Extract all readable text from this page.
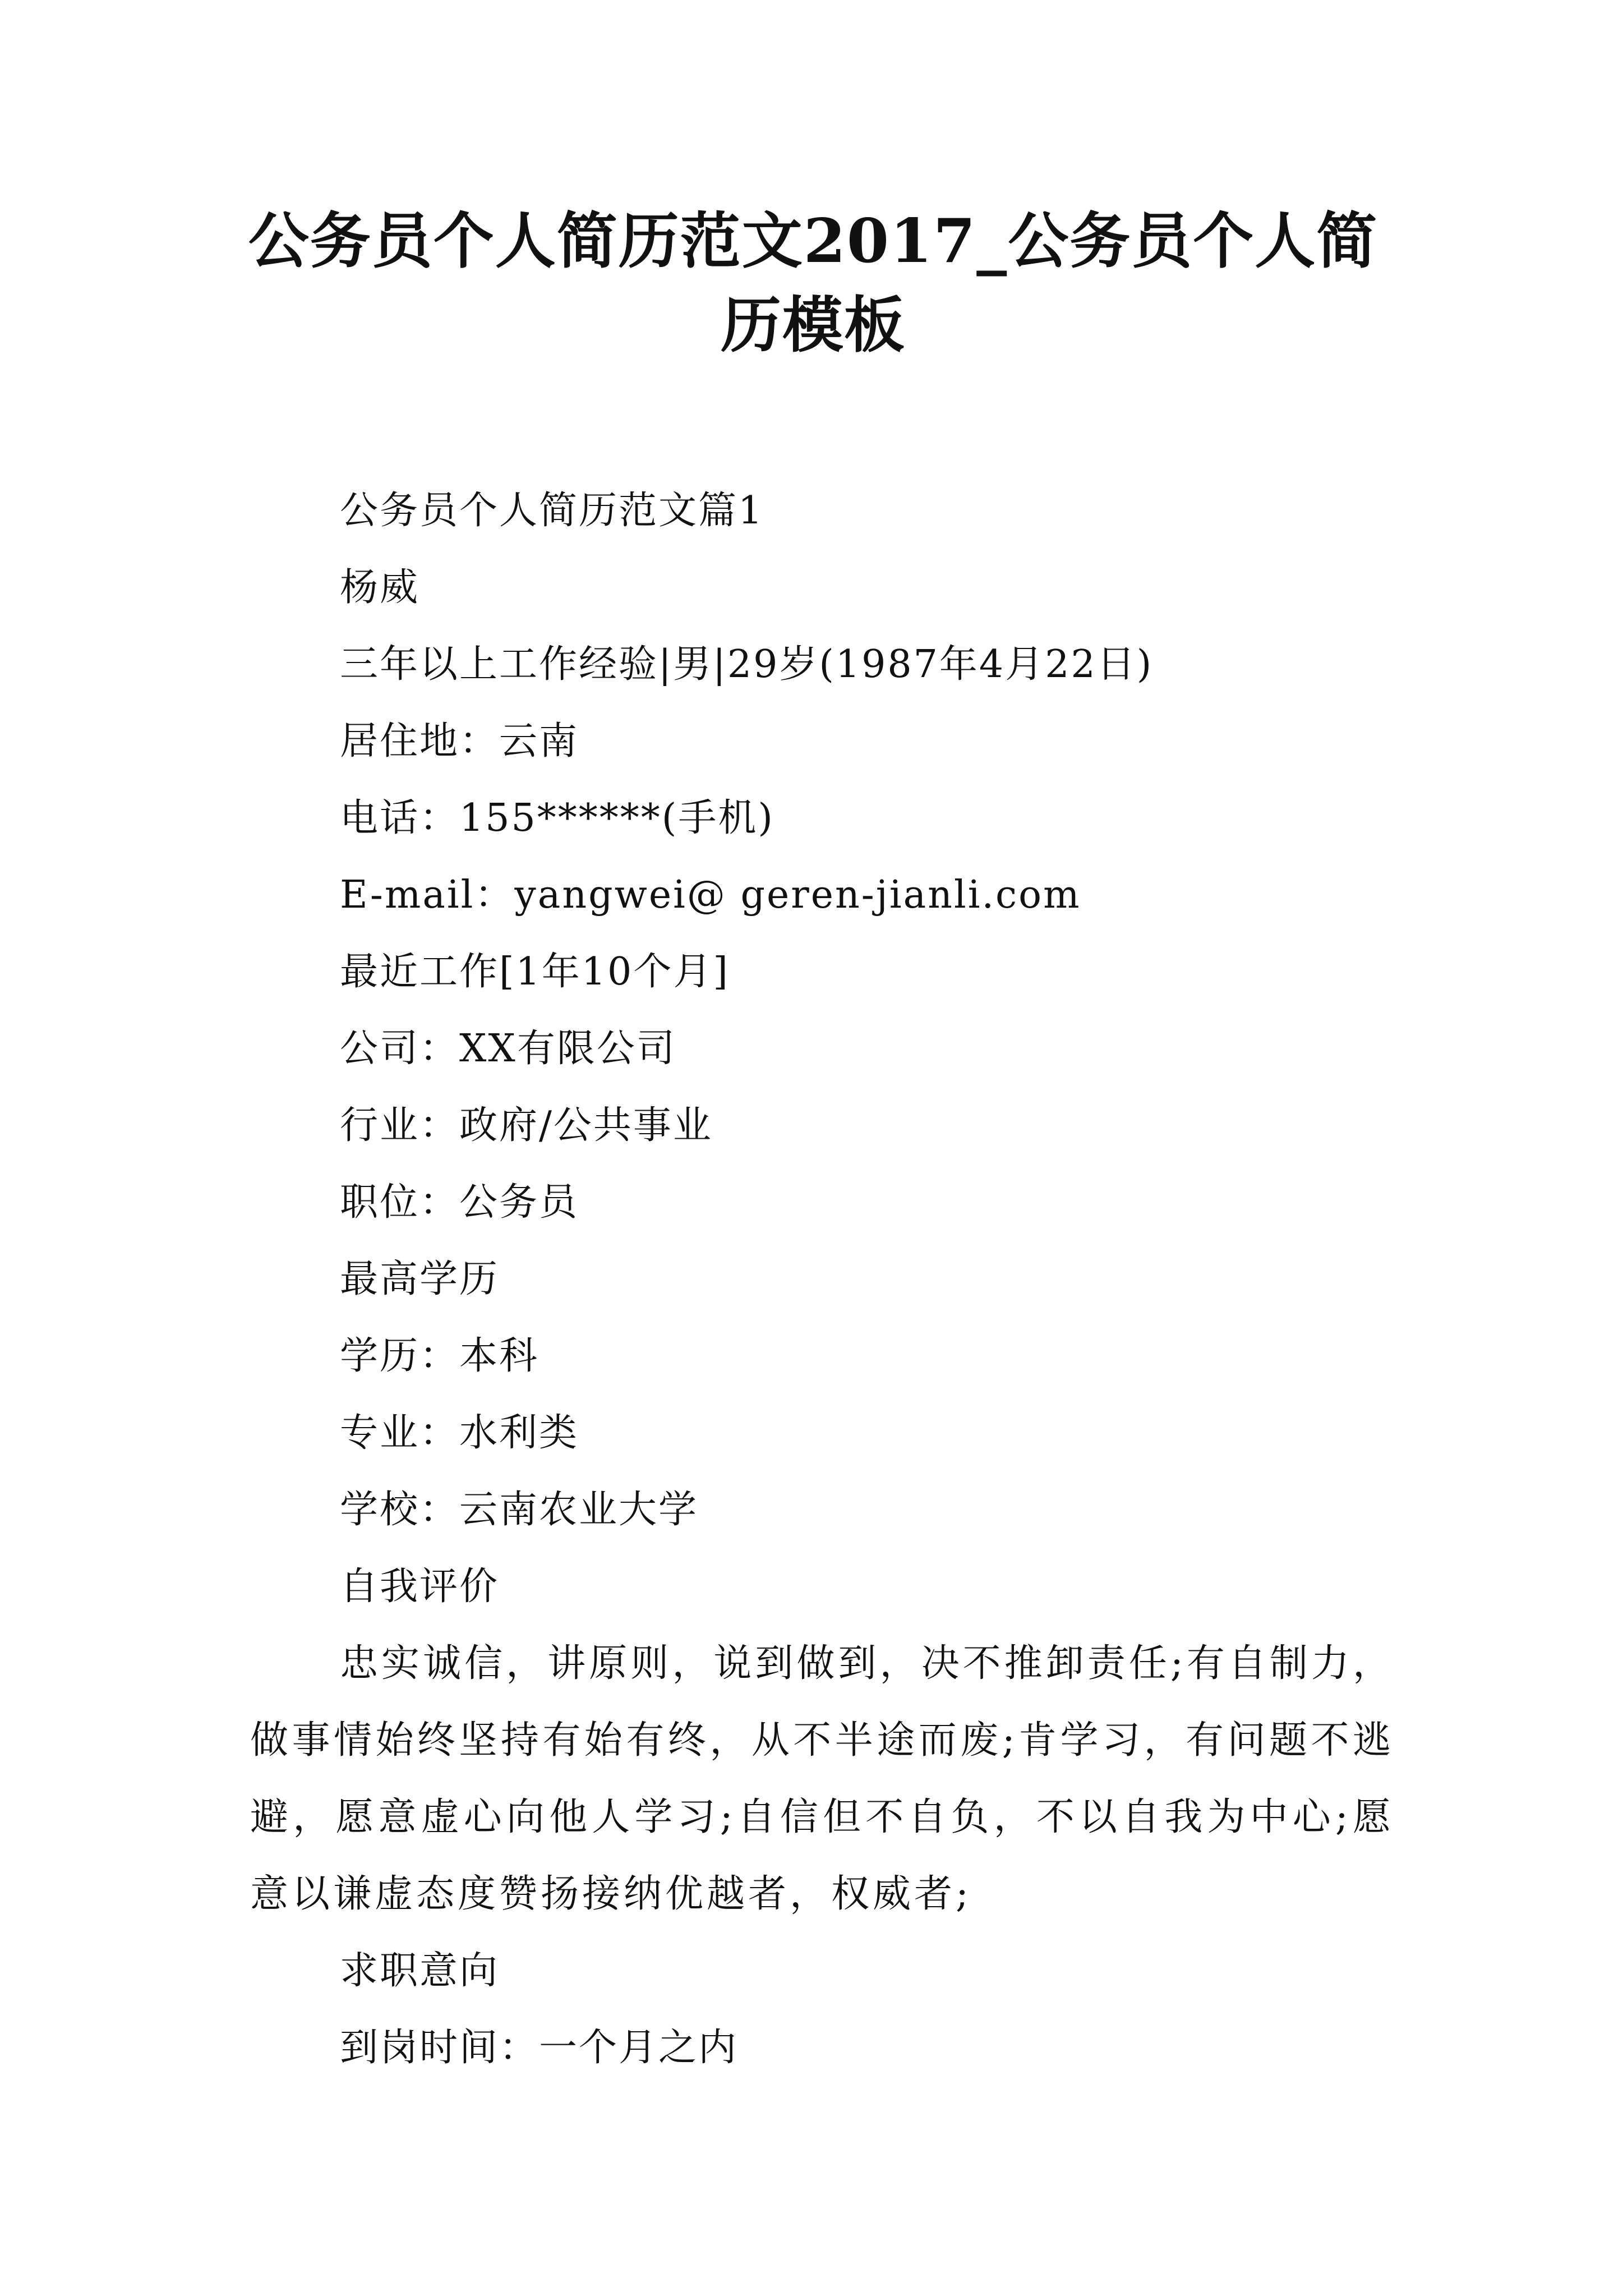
公务员个人简历范文2017_公务员个人简历模板
公务员个人简历范文篇1
杨威
三年以上工作经验|男|29岁(1987年4月22日)
居住地：云南
电话：155******(手机)
E-mail：yangwei@ geren-jianli.com
最近工作[1年10个月]
公司：XX有限公司
行业：政府/公共事业
职位：公务员
最高学历
学历：本科
专业：水利类
学校：云南农业大学
自我评价

忠实诚信，讲原则，说到做到，决不推卸责任;有自制力，做事情始终坚持有始有终，从不半途而废;肯学习，有问题不逃避，愿意虚心向他人学习;自信但不自负，不以自我为中心;愿意以谦虚态度赞扬接纳优越者，权威者;

求职意向
到岗时间：一个月之内
